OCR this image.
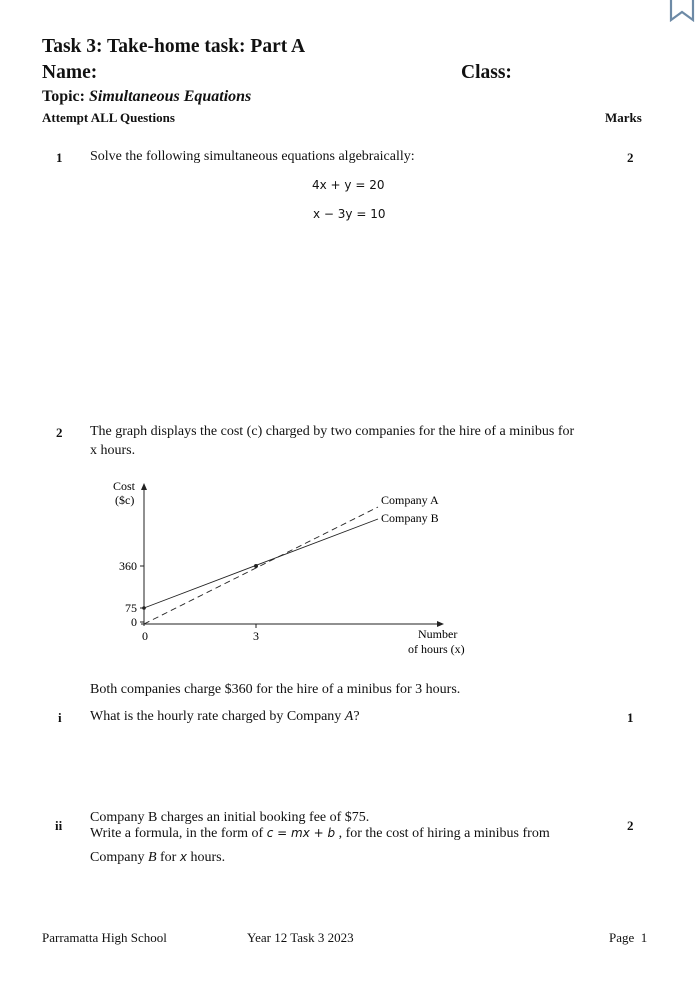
Task 3: Take-home task: Part A
Name:	Class:
Topic: Simultaneous Equations
Attempt ALL Questions	Marks
1 Solve the following simultaneous equations algebraically:	2
4x + y = 20
x − 3y = 10
2 The graph displays the cost (c) charged by two companies for the hire of a minibus for
x hours.
360
75
0
0	3
Cost
($c)
Number
of hours (x)
Company A
Company B
Both companies charge $360 for the hire of a minibus for 3 hours.
i What is the hourly rate charged by Company A?	1
ii
Company B charges an initial booking fee of $75.
Write a formula, in the form of c = mx + b , for the cost of hiring a minibus from
Company B for x hours.
2
Parramatta High School	Year 12 Task 3 2023	Page 1
